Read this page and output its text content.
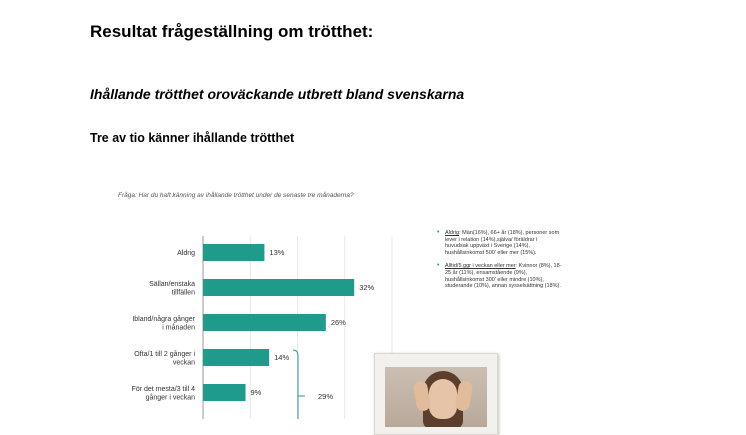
Resultat frågeställning om trötthet:
Ihållande trötthet oroväckande utbrett bland svenskarna
Tre av tio känner ihållande trötthet
Fråga: Har du haft känning av ihållande trötthet under de senaste tre månaderna?
13%
Aldrig
32%
Sällan/enstaka
tillfällen
26%
Ibland/några gånger
i månaden
14%
Ofta/1 till 2 gånger i
veckan
9%
För det mesta/3 till 4
gånger i veckan	29%
• Aldrig: Män(16%), 66+ år (18%), personer som lever i relation (14%),själva/ föräldrar i huvudsak uppväxt i Sverige (14%), hushållsinkomst 500' eller mer (15%).
• Alltid/5 ggr i veckan eller mer: Kvinnor (8%), 18-25 år (11%), ensamstående (9%), hushållsinkomst 300' eller mindre (10%), studerande (10%), annan sysselsättning (18%).
